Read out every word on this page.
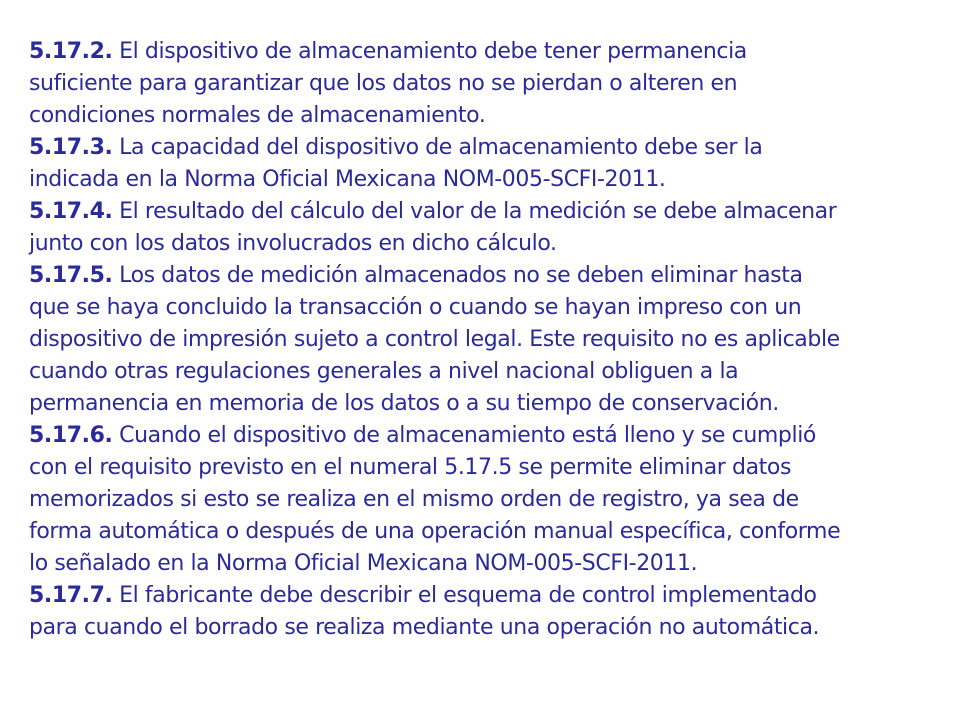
5.17.2. El dispositivo de almacenamiento debe tener permanencia
suficiente para garantizar que los datos no se pierdan o alteren en
condiciones normales de almacenamiento.
5.17.3. La capacidad del dispositivo de almacenamiento debe ser la
indicada en la Norma Oficial Mexicana NOM-005-SCFI-2011.
5.17.4. El resultado del cálculo del valor de la medición se debe almacenar
junto con los datos involucrados en dicho cálculo.
5.17.5. Los datos de medición almacenados no se deben eliminar hasta
que se haya concluido la transacción o cuando se hayan impreso con un
dispositivo de impresión sujeto a control legal. Este requisito no es aplicable
cuando otras regulaciones generales a nivel nacional obliguen a la
permanencia en memoria de los datos o a su tiempo de conservación.
5.17.6. Cuando el dispositivo de almacenamiento está lleno y se cumplió
con el requisito previsto en el numeral 5.17.5 se permite eliminar datos
memorizados si esto se realiza en el mismo orden de registro, ya sea de
forma automática o después de una operación manual específica, conforme
lo señalado en la Norma Oficial Mexicana NOM-005-SCFI-2011.
5.17.7. El fabricante debe describir el esquema de control implementado
para cuando el borrado se realiza mediante una operación no automática.
